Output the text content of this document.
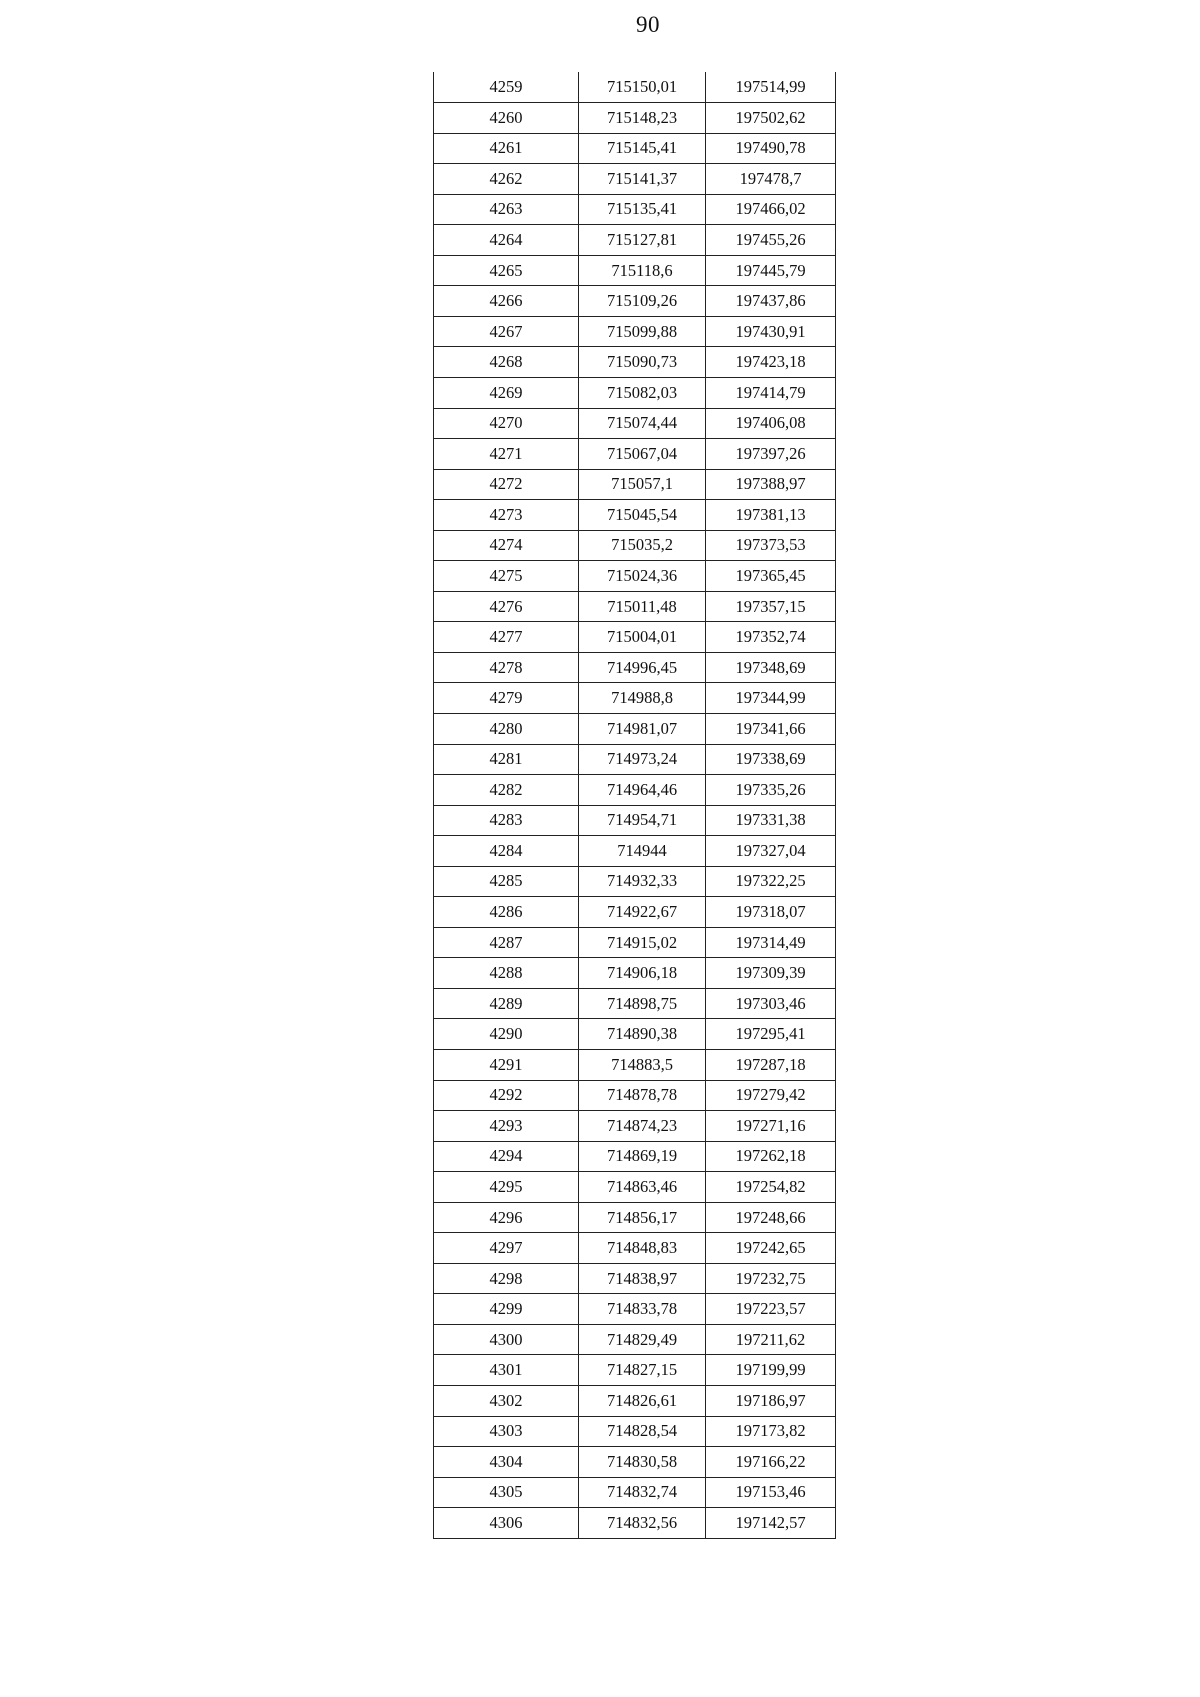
90
4259	715150,01	197514,99
4260	715148,23	197502,62
4261	715145,41	197490,78
4262	715141,37	197478,7
4263	715135,41	197466,02
4264	715127,81	197455,26
4265	715118,6	197445,79
4266	715109,26	197437,86
4267	715099,88	197430,91
4268	715090,73	197423,18
4269	715082,03	197414,79
4270	715074,44	197406,08
4271	715067,04	197397,26
4272	715057,1	197388,97
4273	715045,54	197381,13
4274	715035,2	197373,53
4275	715024,36	197365,45
4276	715011,48	197357,15
4277	715004,01	197352,74
4278	714996,45	197348,69
4279	714988,8	197344,99
4280	714981,07	197341,66
4281	714973,24	197338,69
4282	714964,46	197335,26
4283	714954,71	197331,38
4284	714944	197327,04
4285	714932,33	197322,25
4286	714922,67	197318,07
4287	714915,02	197314,49
4288	714906,18	197309,39
4289	714898,75	197303,46
4290	714890,38	197295,41
4291	714883,5	197287,18
4292	714878,78	197279,42
4293	714874,23	197271,16
4294	714869,19	197262,18
4295	714863,46	197254,82
4296	714856,17	197248,66
4297	714848,83	197242,65
4298	714838,97	197232,75
4299	714833,78	197223,57
4300	714829,49	197211,62
4301	714827,15	197199,99
4302	714826,61	197186,97
4303	714828,54	197173,82
4304	714830,58	197166,22
4305	714832,74	197153,46
4306	714832,56	197142,57
